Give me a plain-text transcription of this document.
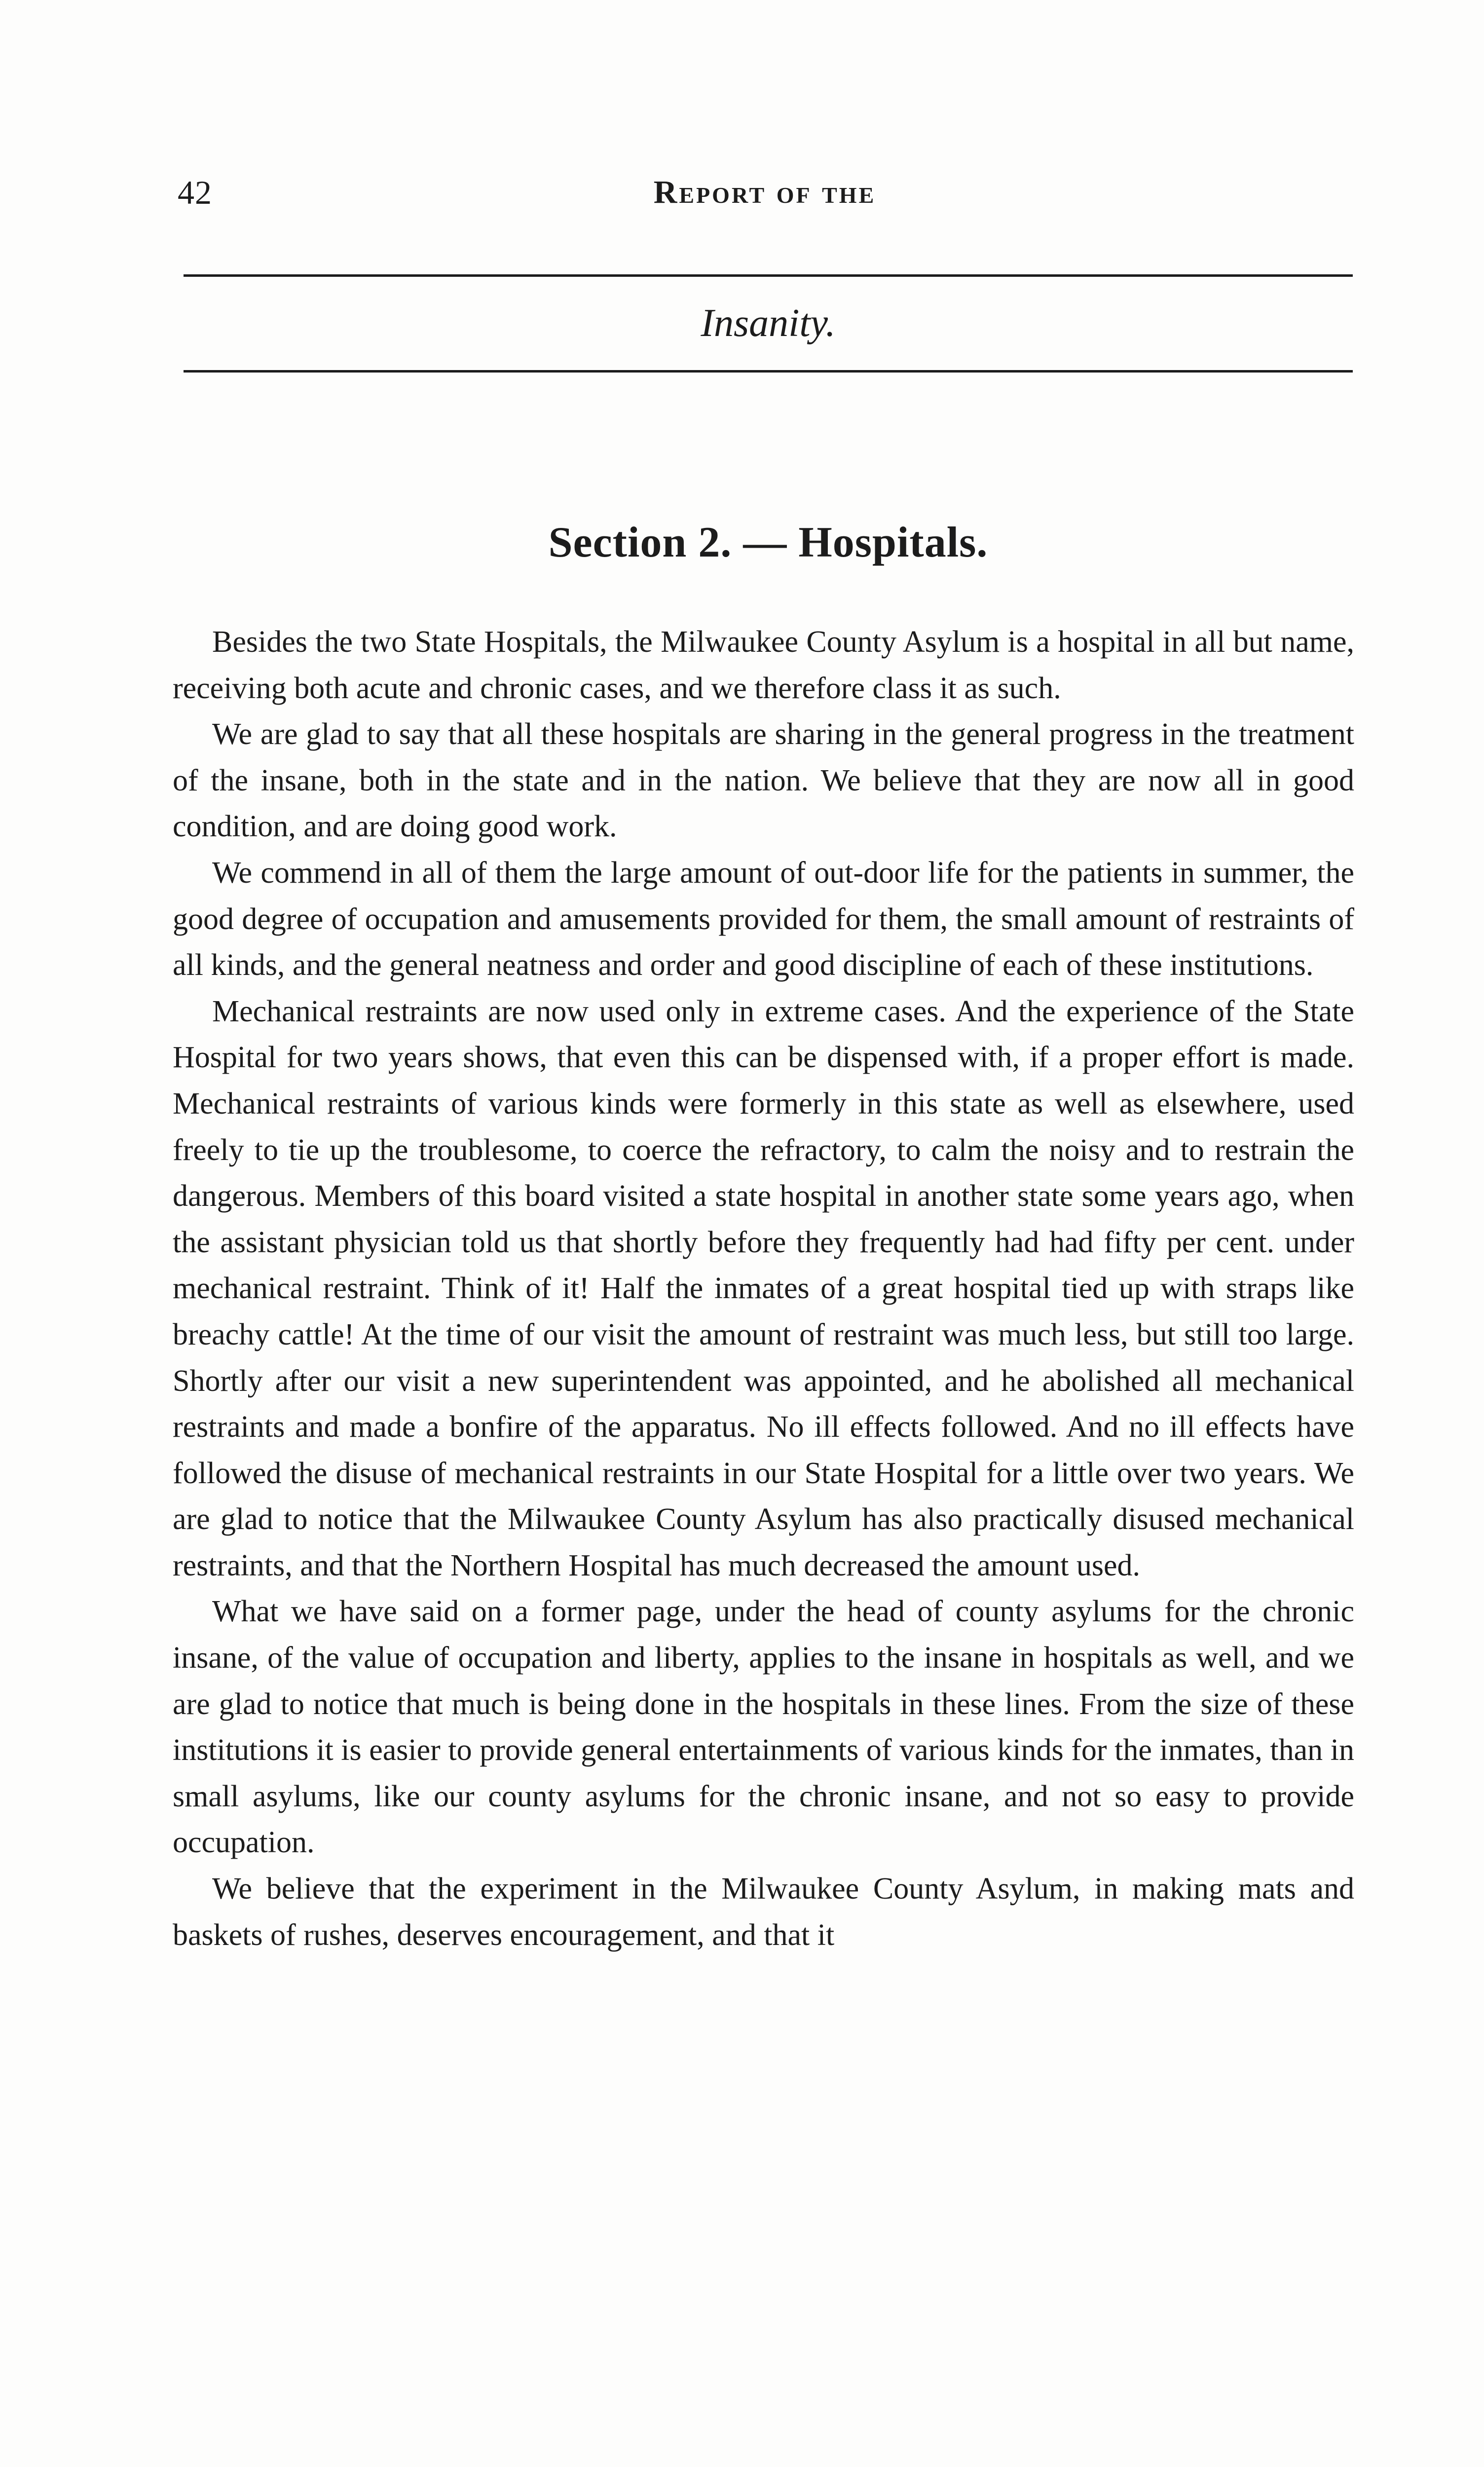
42	Report of the
Insanity.
Section 2. — Hospitals.

Besides the two State Hospitals, the Milwaukee County Asylum is a hospital in all but name, receiving both acute and chronic cases, and we therefore class it as such.

We are glad to say that all these hospitals are sharing in the general progress in the treatment of the insane, both in the state and in the nation. We believe that they are now all in good condition, and are doing good work.

We commend in all of them the large amount of out-door life for the patients in summer, the good degree of occupation and amusements provided for them, the small amount of restraints of all kinds, and the general neatness and order and good discipline of each of these institutions.

Mechanical restraints are now used only in extreme cases. And the experience of the State Hospital for two years shows, that even this can be dispensed with, if a proper effort is made. Mechanical restraints of various kinds were formerly in this state as well as elsewhere, used freely to tie up the troublesome, to coerce the refractory, to calm the noisy and to restrain the dangerous. Members of this board visited a state hospital in another state some years ago, when the assistant physician told us that shortly before they frequently had had fifty per cent. under mechanical restraint. Think of it! Half the inmates of a great hospital tied up with straps like breachy cattle! At the time of our visit the amount of restraint was much less, but still too large. Shortly after our visit a new superintendent was appointed, and he abolished all mechanical restraints and made a bonfire of the apparatus. No ill effects followed. And no ill effects have followed the disuse of mechanical restraints in our State Hospital for a little over two years. We are glad to notice that the Milwaukee County Asylum has also practically disused mechanical restraints, and that the Northern Hospital has much decreased the amount used.

What we have said on a former page, under the head of county asylums for the chronic insane, of the value of occupation and liberty, applies to the insane in hospitals as well, and we are glad to notice that much is being done in the hospitals in these lines. From the size of these institutions it is easier to provide general entertainments of various kinds for the inmates, than in small asylums, like our county asylums for the chronic insane, and not so easy to provide occupation.

We believe that the experiment in the Milwaukee County Asylum, in making mats and baskets of rushes, deserves encouragement, and that it
